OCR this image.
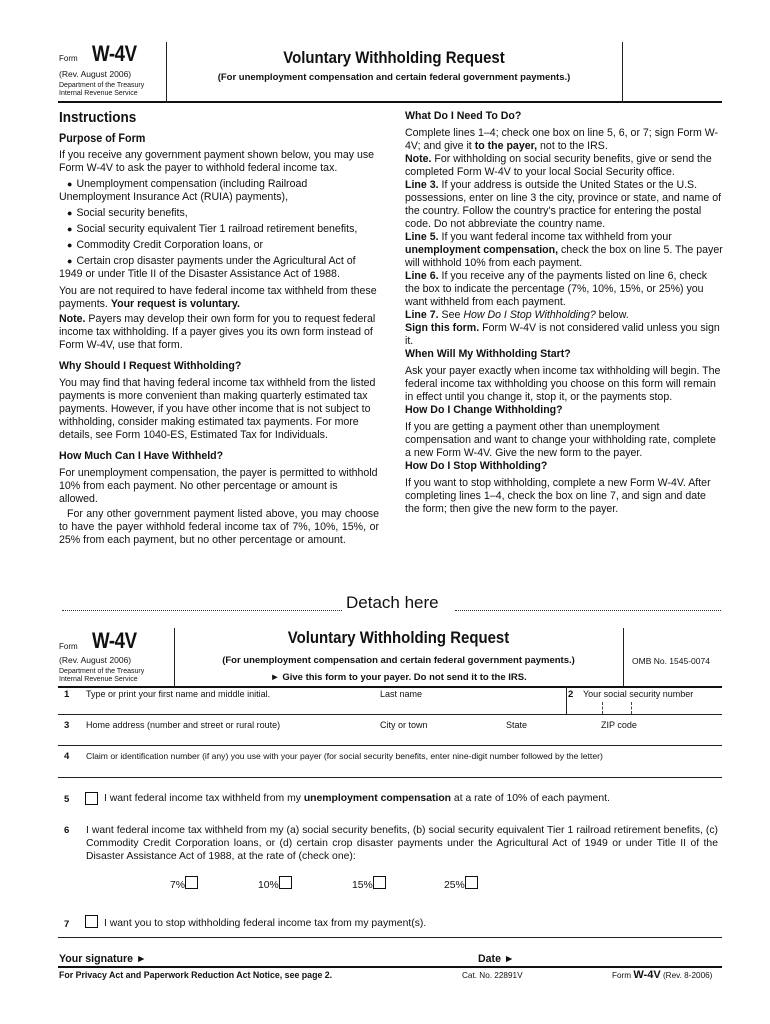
Form W-4V
(Rev. August 2006)
Department of the Treasury
Internal Revenue Service
Voluntary Withholding Request
(For unemployment compensation and certain federal government payments.)
Instructions
Purpose of Form

If you receive any government payment shown below, you may use Form W-4V to ask the payer to withhold federal income tax.

● Unemployment compensation (including Railroad Unemployment Insurance Act (RUIA) payments),

● Social security benefits,

● Social security equivalent Tier 1 railroad retirement benefits,

● Commodity Credit Corporation loans, or

● Certain crop disaster payments under the Agricultural Act of 1949 or under Title II of the Disaster Assistance Act of 1988.

You are not required to have federal income tax withheld from these payments. Your request is voluntary.

Note. Payers may develop their own form for you to request federal income tax withholding. If a payer gives you its own form instead of Form W-4V, use that form.

Why Should I Request Withholding?

You may find that having federal income tax withheld from the listed payments is more convenient than making quarterly estimated tax payments. However, if you have other income that is not subject to withholding, consider making estimated tax payments. For more details, see Form 1040-ES, Estimated Tax for Individuals.

How Much Can I Have Withheld?

For unemployment compensation, the payer is permitted to withhold 10% from each payment. No other percentage or amount is allowed.

For any other government payment listed above, you may choose to have the payer withhold federal income tax of 7%, 10%, 15%, or 25% from each payment, but no other percentage or amount.

What Do I Need To Do?

Complete lines 1–4; check one box on line 5, 6, or 7; sign Form W-4V; and give it to the payer, not to the IRS.

Note. For withholding on social security benefits, give or send the completed Form W-4V to your local Social Security office.

Line 3. If your address is outside the United States or the U.S. possessions, enter on line 3 the city, province or state, and name of the country. Follow the country's practice for entering the postal code. Do not abbreviate the country name.

Line 5. If you want federal income tax withheld from your unemployment compensation, check the box on line 5. The payer will withhold 10% from each payment.

Line 6. If you receive any of the payments listed on line 6, check the box to indicate the percentage (7%, 10%, 15%, or 25%) you want withheld from each payment.

Line 7. See How Do I Stop Withholding? below.

Sign this form. Form W-4V is not considered valid unless you sign it.

When Will My Withholding Start?

Ask your payer exactly when income tax withholding will begin. The federal income tax withholding you choose on this form will remain in effect until you change it, stop it, or the payments stop.

How Do I Change Withholding?

If you are getting a payment other than unemployment compensation and want to change your withholding rate, complete a new Form W-4V. Give the new form to the payer.

How Do I Stop Withholding?

If you want to stop withholding, complete a new Form W-4V. After completing lines 1–4, check the box on line 7, and sign and date the form; then give the new form to the payer.

Detach here
Form W-4V
(Rev. August 2006)
Department of the Treasury
Internal Revenue Service
Voluntary Withholding Request
(For unemployment compensation and certain federal government payments.)
► Give this form to your payer. Do not send it to the IRS.
OMB No. 1545-0074
1 Type or print your first name and middle initial.	Last name	2 Your social security number
3 Home address (number and street or rural route)	City or town	State	ZIP code
4 Claim or identification number (if any) you use with your payer (for social security benefits, enter nine-digit number followed by the letter)
5	I want federal income tax withheld from my unemployment compensation at a rate of 10% of each payment.
6 I want federal income tax withheld from my (a) social security benefits, (b) social security equivalent Tier 1 railroad retirement benefits, (c) Commodity Credit Corporation loans, or (d) certain crop disaster payments under the Agricultural Act of 1949 or under Title II of the Disaster Assistance Act of 1988, at the rate of (check one):
7%	10%	15%	25%
7	I want you to stop withholding federal income tax from my payment(s).
Your signature ►	Date ►
For Privacy Act and Paperwork Reduction Act Notice, see page 2.	Cat. No. 22891V	Form W-4V (Rev. 8-2006)
